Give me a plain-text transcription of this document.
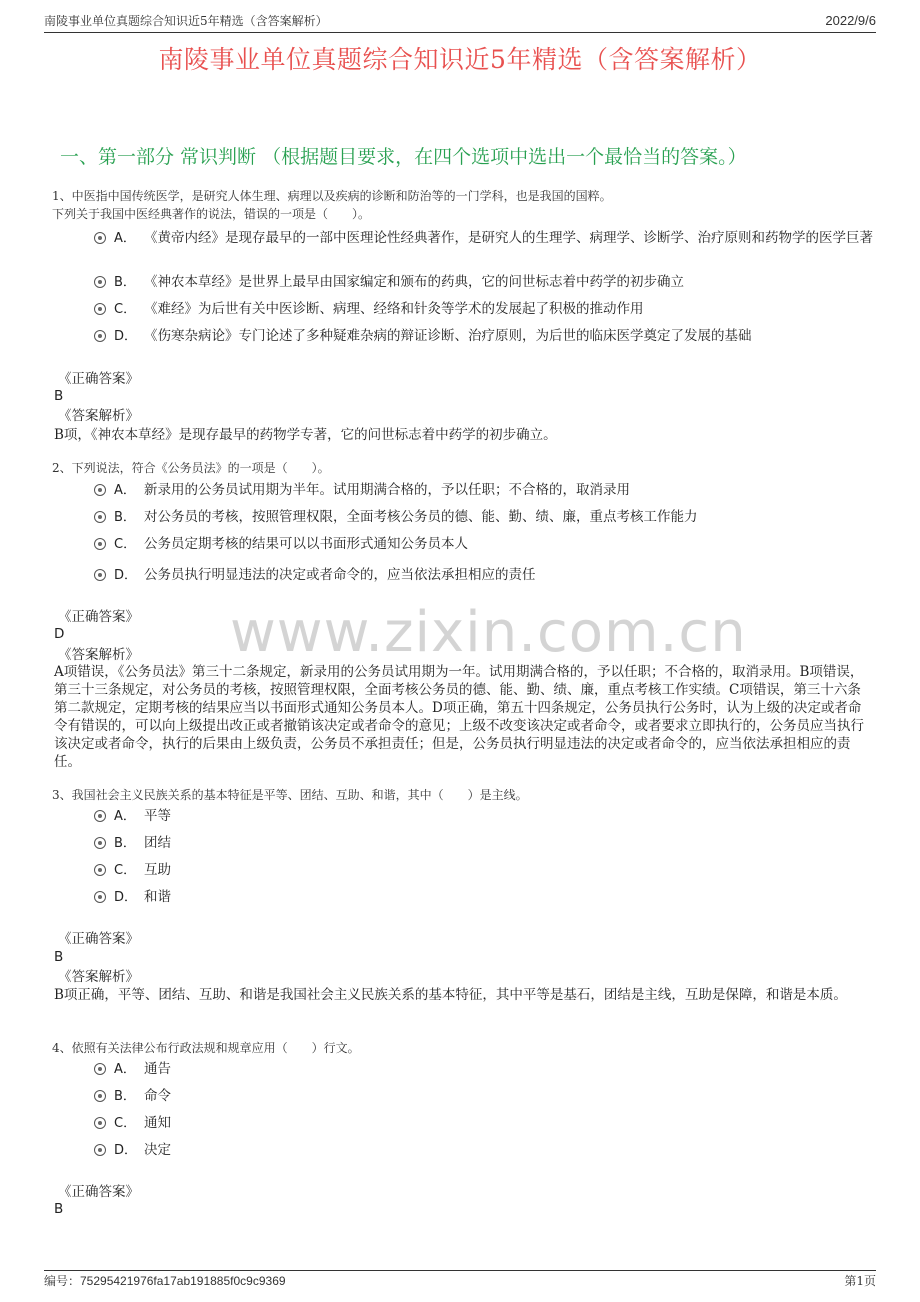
南陵事业单位真题综合知识近5年精选（含答案解析）	2022/9/6
南陵事业单位真题综合知识近5年精选（含答案解析）
一、第一部分 常识判断 （根据题目要求，在四个选项中选出一个最恰当的答案。）
www.zixin.com.cn
1、中医指中国传统医学，是研究人体生理、病理以及疾病的诊断和防治等的一门学科，也是我国的国粹。
下列关于我国中医经典著作的说法，错误的一项是（　　）。
A． 《黄帝内经》是现存最早的一部中医理论性经典著作，是研究人的生理学、病理学、诊断学、治疗原则和药物学的医学巨著
B． 《神农本草经》是世界上最早由国家编定和颁布的药典，它的问世标志着中药学的初步确立
C． 《难经》为后世有关中医诊断、病理、经络和针灸等学术的发展起了积极的推动作用
D． 《伤寒杂病论》专门论述了多种疑难杂病的辩证诊断、治疗原则，为后世的临床医学奠定了发展的基础
《正确答案》
B
《答案解析》
B项，《神农本草经》是现存最早的药物学专著，它的问世标志着中药学的初步确立。
2、下列说法，符合《公务员法》的一项是（　　）。
A． 新录用的公务员试用期为半年。试用期满合格的，予以任职；不合格的，取消录用
B． 对公务员的考核，按照管理权限，全面考核公务员的德、能、勤、绩、廉，重点考核工作能力
C． 公务员定期考核的结果可以以书面形式通知公务员本人
D． 公务员执行明显违法的决定或者命令的，应当依法承担相应的责任
《正确答案》
D
《答案解析》
A项错误，《公务员法》第三十二条规定，新录用的公务员试用期为一年。试用期满合格的，予以任职；不合格的，取消录用。B项错误，第三十三条规定，对公务员的考核，按照管理权限，全面考核公务员的德、能、勤、绩、廉，重点考核工作实绩。C项错误，第三十六条第二款规定，定期考核的结果应当以书面形式通知公务员本人。D项正确，第五十四条规定，公务员执行公务时，认为上级的决定或者命令有错误的，可以向上级提出改正或者撤销该决定或者命令的意见；上级不改变该决定或者命令，或者要求立即执行的，公务员应当执行该决定或者命令，执行的后果由上级负责，公务员不承担责任；但是，公务员执行明显违法的决定或者命令的，应当依法承担相应的责任。
3、我国社会主义民族关系的基本特征是平等、团结、互助、和谐，其中（　　）是主线。
A． 平等
B． 团结
C． 互助
D． 和谐
《正确答案》
B
《答案解析》
B项正确，平等、团结、互助、和谐是我国社会主义民族关系的基本特征，其中平等是基石，团结是主线，互助是保障，和谐是本质。
4、依照有关法律公布行政法规和规章应用（　　）行文。
A． 通告
B． 命令
C． 通知
D． 决定
《正确答案》
B
编号：75295421976fa17ab191885f0c9c9369	第1页
